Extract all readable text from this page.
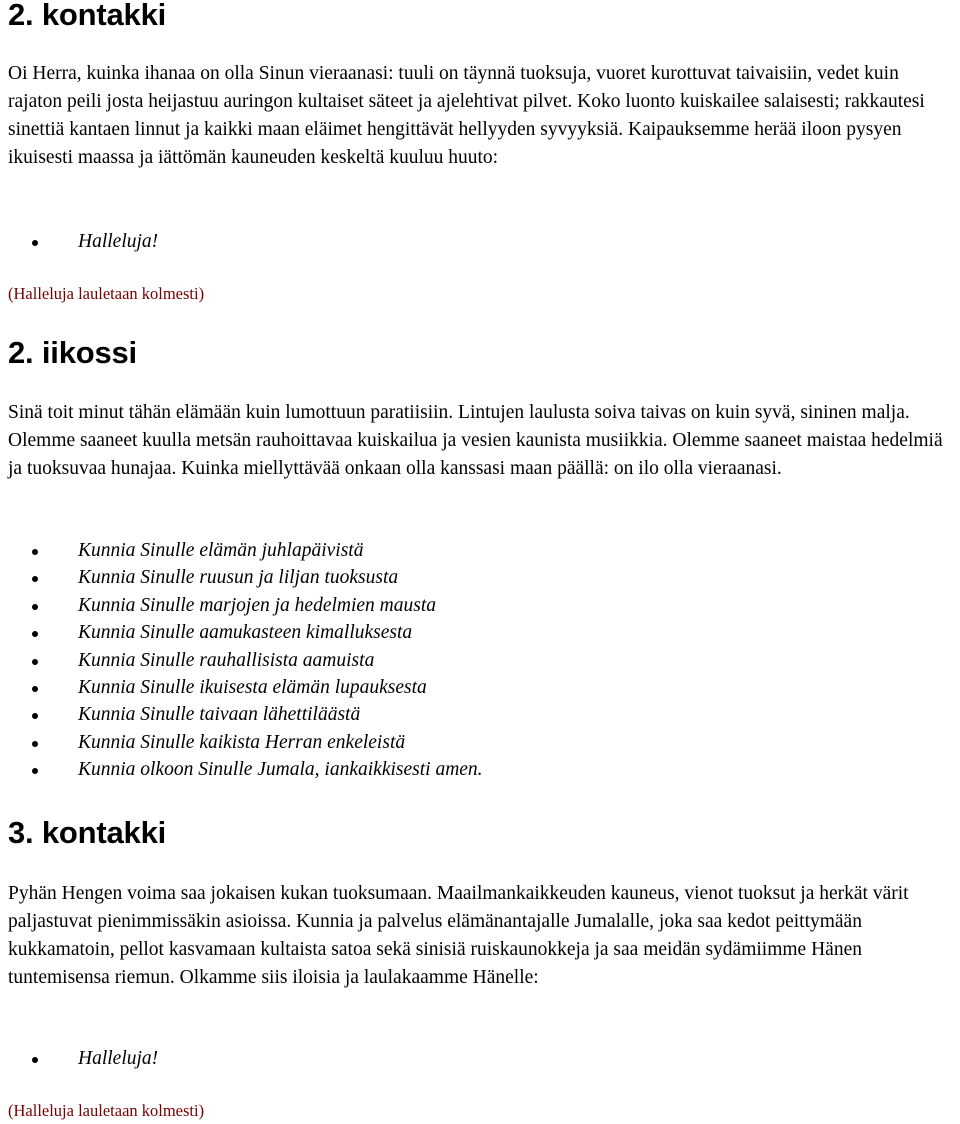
2. kontakki

Oi Herra, kuinka ihanaa on olla Sinun vieraanasi: tuuli on täynnä tuoksuja, vuoret kurottuvat taivaisiin, vedet kuin rajaton peili josta heijastuu auringon kultaiset säteet ja ajelehtivat pilvet. Koko luonto kuiskailee salaisesti; rakkautesi sinettiä kantaen linnut ja kaikki maan eläimet hengittävät hellyyden syvyyksiä. Kaipauksemme herää iloon pysyen ikuisesti maassa ja iättömän kauneuden keskeltä kuuluu huuto:

Halleluja!

(Halleluja lauletaan kolmesti)

2. iikossi

Sinä toit minut tähän elämään kuin lumottuun paratiisiin. Lintujen laulusta soiva taivas on kuin syvä, sininen malja. Olemme saaneet kuulla metsän rauhoittavaa kuiskailua ja vesien kaunista musiikkia. Olemme saaneet maistaa hedelmiä ja tuoksuvaa hunajaa. Kuinka miellyttävää onkaan olla kanssasi maan päällä: on ilo olla vieraanasi.

Kunnia Sinulle elämän juhlapäivistä
Kunnia Sinulle ruusun ja liljan tuoksusta
Kunnia Sinulle marjojen ja hedelmien mausta
Kunnia Sinulle aamukasteen kimalluksesta
Kunnia Sinulle rauhallisista aamuista
Kunnia Sinulle ikuisesta elämän lupauksesta
Kunnia Sinulle taivaan lähettiläästä
Kunnia Sinulle kaikista Herran enkeleistä
Kunnia olkoon Sinulle Jumala, iankaikkisesti amen.
3. kontakki

Pyhän Hengen voima saa jokaisen kukan tuoksumaan. Maailmankaikkeuden kauneus, vienot tuoksut ja herkät värit paljastuvat pienimmissäkin asioissa. Kunnia ja palvelus elämänantajalle Jumalalle, joka saa kedot peittymään kukkamatoin, pellot kasvamaan kultaista satoa sekä sinisiä ruiskaunokkeja ja saa meidän sydämiimme Hänen tuntemisensa riemun. Olkamme siis iloisia ja laulakaamme Hänelle:

Halleluja!

(Halleluja lauletaan kolmesti)
